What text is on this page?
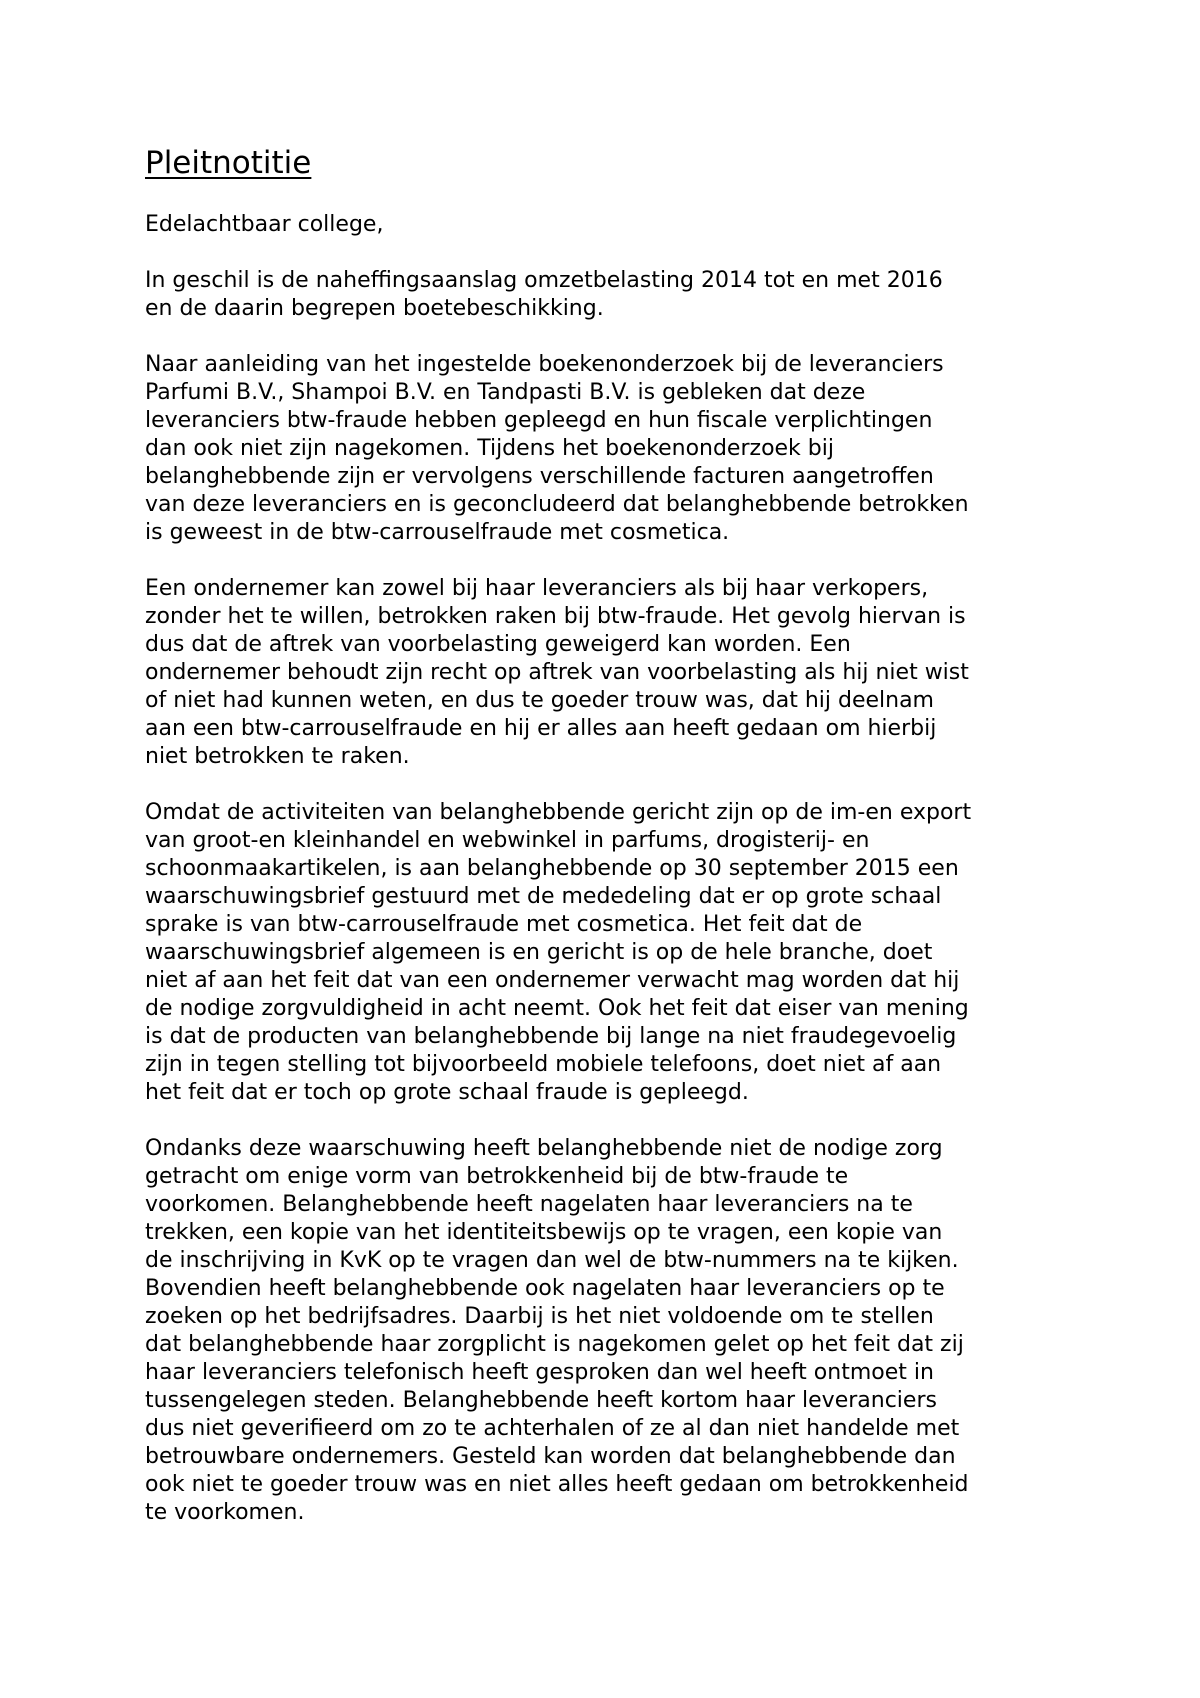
Pleitnotitie
Edelachtbaar college,
In geschil is de naheffingsaanslag omzetbelasting 2014 tot en met 2016
en de daarin begrepen boetebeschikking.
Naar aanleiding van het ingestelde boekenonderzoek bij de leveranciers
Parfumi B.V., Shampoi B.V. en Tandpasti B.V. is gebleken dat deze
leveranciers btw-fraude hebben gepleegd en hun fiscale verplichtingen
dan ook niet zijn nagekomen. Tijdens het boekenonderzoek bij
belanghebbende zijn er vervolgens verschillende facturen aangetroffen
van deze leveranciers en is geconcludeerd dat belanghebbende betrokken
is geweest in de btw-carrouselfraude met cosmetica.
Een ondernemer kan zowel bij haar leveranciers als bij haar verkopers,
zonder het te willen, betrokken raken bij btw-fraude. Het gevolg hiervan is
dus dat de aftrek van voorbelasting geweigerd kan worden. Een
ondernemer behoudt zijn recht op aftrek van voorbelasting als hij niet wist
of niet had kunnen weten, en dus te goeder trouw was, dat hij deelnam
aan een btw-carrouselfraude en hij er alles aan heeft gedaan om hierbij
niet betrokken te raken.
Omdat de activiteiten van belanghebbende gericht zijn op de im-en export
van groot-en kleinhandel en webwinkel in parfums, drogisterij- en
schoonmaakartikelen, is aan belanghebbende op 30 september 2015 een
waarschuwingsbrief gestuurd met de mededeling dat er op grote schaal
sprake is van btw-carrouselfraude met cosmetica. Het feit dat de
waarschuwingsbrief algemeen is en gericht is op de hele branche, doet
niet af aan het feit dat van een ondernemer verwacht mag worden dat hij
de nodige zorgvuldigheid in acht neemt. Ook het feit dat eiser van mening
is dat de producten van belanghebbende bij lange na niet fraudegevoelig
zijn in tegen stelling tot bijvoorbeeld mobiele telefoons, doet niet af aan
het feit dat er toch op grote schaal fraude is gepleegd.
Ondanks deze waarschuwing heeft belanghebbende niet de nodige zorg
getracht om enige vorm van betrokkenheid bij de btw-fraude te
voorkomen. Belanghebbende heeft nagelaten haar leveranciers na te
trekken, een kopie van het identiteitsbewijs op te vragen, een kopie van
de inschrijving in KvK op te vragen dan wel de btw-nummers na te kijken.
Bovendien heeft belanghebbende ook nagelaten haar leveranciers op te
zoeken op het bedrijfsadres. Daarbij is het niet voldoende om te stellen
dat belanghebbende haar zorgplicht is nagekomen gelet op het feit dat zij
haar leveranciers telefonisch heeft gesproken dan wel heeft ontmoet in
tussengelegen steden. Belanghebbende heeft kortom haar leveranciers
dus niet geverifieerd om zo te achterhalen of ze al dan niet handelde met
betrouwbare ondernemers. Gesteld kan worden dat belanghebbende dan
ook niet te goeder trouw was en niet alles heeft gedaan om betrokkenheid
te voorkomen.
